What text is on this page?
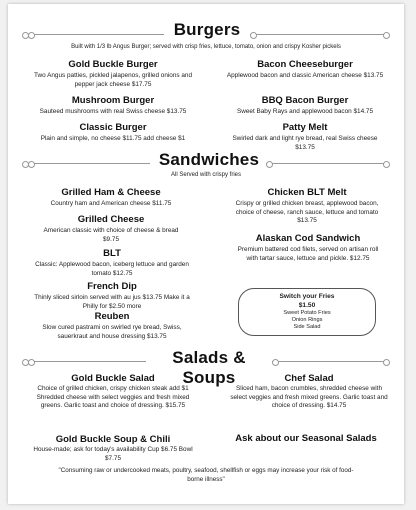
Burgers
Built with 1/3 lb Angus Burger; served with crisp fries, lettuce, tomato, onion and crispy Kosher pickels
Gold Buckle Burger
Two Angus patties, pickled jalapenos, grilled onions and pepper jack cheese $17.75
Bacon Cheeseburger
Applewood bacon and classic American cheese $13.75
Mushroom Burger
Sauteed mushrooms with real Swiss cheese $13.75
BBQ Bacon Burger
Sweet Baby Rays and applewood bacon $14.75
Classic Burger
Plain and simple, no cheese $11.75 add cheese $1
Patty Melt
Swirled dark and light rye bread, real Swiss cheese $13.75
Sandwiches
All Served with crispy fries
Grilled Ham & Cheese
Country ham and American cheese $11.75
Chicken BLT Melt
Crispy or grilled chicken breast, applewood bacon, choice of cheese, ranch sauce, lettuce and tomato $13.75
Grilled Cheese
American classic with choice of cheese & bread $9.75	Alaskan Cod Sandwich
Premium battered cod filets, served on artisan roll with tartar sauce, lettuce and pickle. $12.75
BLT
Classic: Applewood bacon, iceberg lettuce and garden tomato $12.75
French Dip
Thinly sliced sirloin served with au jus $13.75 Make it a Philly for $2.50 more
Switch your Fries
$1.50
Sweet Potato Fries
Onion Rings
Side Salad
Reuben
Slow cured pastrami on swirled rye bread, Swiss, sauerkraut and house dressing $13.75
Salads & Soups
Gold Buckle Salad
Choice of grilled chicken, crispy chicken steak add $1 Shredded cheese with select veggies and fresh mixed greens. Garlic toast and choice of dressing. $15.75
Chef Salad
Sliced ham, bacon crumbles, shredded cheese with select veggies and fresh mixed greens. Garlic toast and choice of dressing. $14.75
Gold Buckle Soup & Chili
House-made; ask for today's availability Cup $6.75 Bowl $7.75
Ask about our Seasonal Salads
"Consuming raw or undercooked meats, poultry, seafood, shellfish or eggs may increase your risk of food-borne illness"
